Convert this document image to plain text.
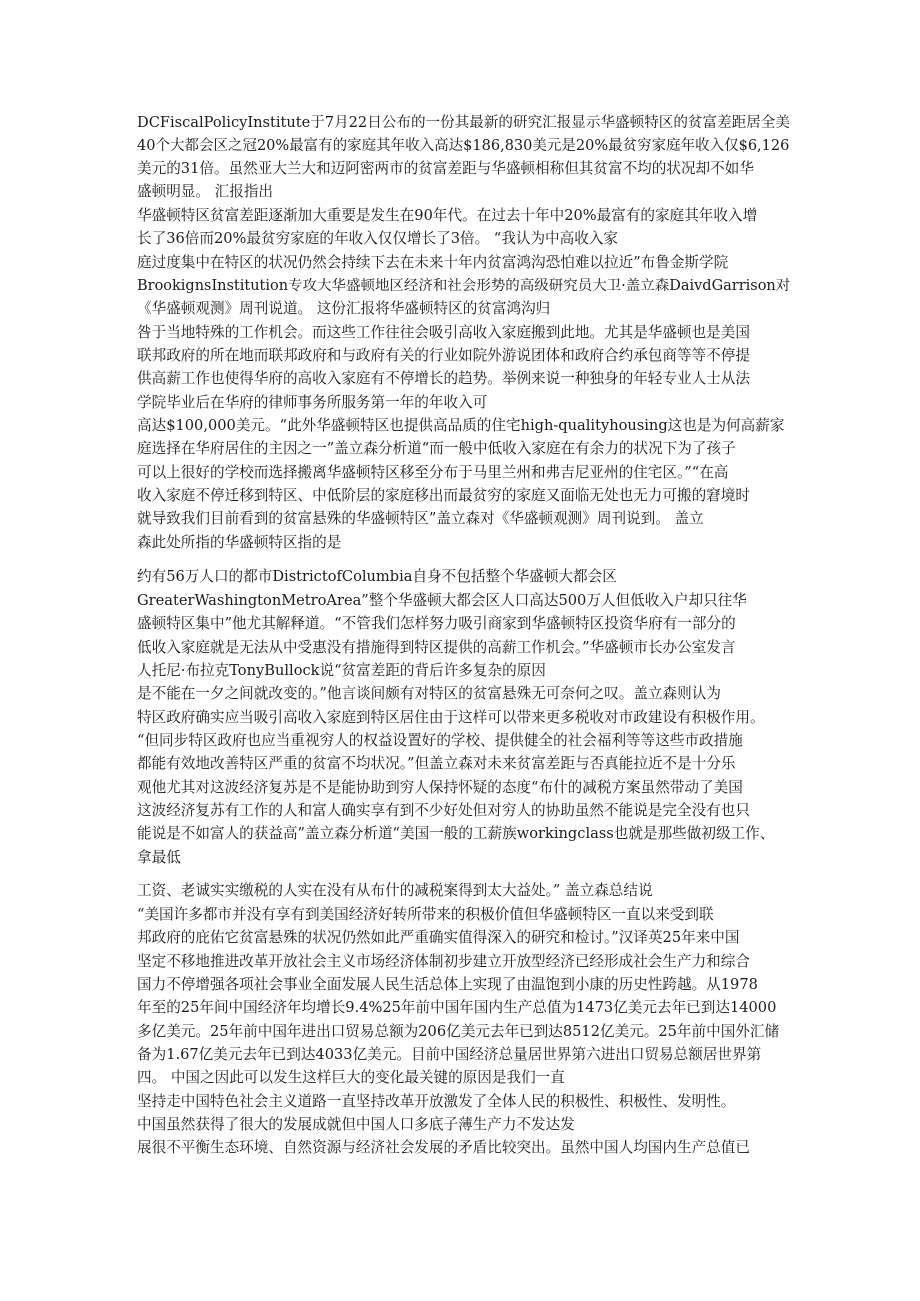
DCFiscalPolicyInstitute于7月22日公布的一份其最新的研究汇报显示华盛顿特区的贫富差距居全美
40个大都会区之冠20%最富有的家庭其年收入高达$186,830美元是20%最贫穷家庭年收入仅$6,126
美元的31倍。虽然亚大兰大和迈阿密两市的贫富差距与华盛顿相称但其贫富不均的状况却不如华
盛顿明显。 汇报指出
华盛顿特区贫富差距逐渐加大重要是发生在90年代。在过去十年中20%最富有的家庭其年收入增
长了36倍而20%最贫穷家庭的年收入仅仅增长了3倍。 “我认为中高收入家
庭过度集中在特区的状况仍然会持续下去在未来十年内贫富鸿沟恐怕难以拉近”布鲁金斯学院
BrookignsInstitution专攻大华盛顿地区经济和社会形势的高级研究员大卫·盖立森DaivdGarrison对
《华盛顿观测》周刊说道。 这份汇报将华盛顿特区的贫富鸿沟归
咎于当地特殊的工作机会。而这些工作往往会吸引高收入家庭搬到此地。尤其是华盛顿也是美国
联邦政府的所在地而联邦政府和与政府有关的行业如院外游说团体和政府合约承包商等等不停提
供高薪工作也使得华府的高收入家庭有不停增长的趋势。举例来说一种独身的年轻专业人士从法
学院毕业后在华府的律师事务所服务第一年的年收入可
高达$100,000美元。“此外华盛顿特区也提供高品质的住宅high-qualityhousing这也是为何高薪家
庭选择在华府居住的主因之一”盖立森分析道“而一般中低收入家庭在有余力的状况下为了孩子
可以上很好的学校而选择搬离华盛顿特区移至分布于马里兰州和弗吉尼亚州的住宅区。”“在高
收入家庭不停迁移到特区、中低阶层的家庭移出而最贫穷的家庭又面临无处也无力可搬的窘境时
就导致我们目前看到的贫富悬殊的华盛顿特区”盖立森对《华盛顿观测》周刊说到。 盖立
森此处所指的华盛顿特区指的是
约有56万人口的都市DistrictofColumbia自身不包括整个华盛顿大都会区
GreaterWashingtonMetroArea”整个华盛顿大都会区人口高达500万人但低收入户却只往华
盛顿特区集中”他尤其解释道。“不管我们怎样努力吸引商家到华盛顿特区投资华府有一部分的
低收入家庭就是无法从中受惠没有措施得到特区提供的高薪工作机会。”华盛顿市长办公室发言
人托尼·布拉克TonyBullock说“贫富差距的背后许多复杂的原因
是不能在一夕之间就改变的。”他言谈间颇有对特区的贫富悬殊无可奈何之叹。盖立森则认为
特区政府确实应当吸引高收入家庭到特区居住由于这样可以带来更多税收对市政建设有积极作用。
“但同步特区政府也应当重视穷人的权益设置好的学校、提供健全的社会福利等等这些市政措施
都能有效地改善特区严重的贫富不均状况。”但盖立森对未来贫富差距与否真能拉近不是十分乐
观他尤其对这波经济复苏是不是能协助到穷人保持怀疑的态度“布什的减税方案虽然带动了美国
这波经济复苏有工作的人和富人确实享有到不少好处但对穷人的协助虽然不能说是完全没有也只
能说是不如富人的获益高”盖立森分析道“美国一般的工薪族workingclass也就是那些做初级工作、
拿最低
工资、老诚实实缴税的人实在没有从布什的减税案得到太大益处。” 盖立森总结说
“美国许多都市并没有享有到美国经济好转所带来的积极价值但华盛顿特区一直以来受到联
邦政府的庇佑它贫富悬殊的状况仍然如此严重确实值得深入的研究和检讨。”汉译英25年来中国
坚定不移地推进改革开放社会主义市场经济体制初步建立开放型经济已经形成社会生产力和综合
国力不停增强各项社会事业全面发展人民生活总体上实现了由温饱到小康的历史性跨越。从1978
年至的25年间中国经济年均增长9.4%25年前中国年国内生产总值为1473亿美元去年已到达14000
多亿美元。25年前中国年进出口贸易总额为206亿美元去年已到达8512亿美元。25年前中国外汇储
备为1.67亿美元去年已到达4033亿美元。目前中国经济总量居世界第六进出口贸易总额居世界第
四。 中国之因此可以发生这样巨大的变化最关键的原因是我们一直
坚持走中国特色社会主义道路一直坚持改革开放激发了全体人民的积极性、积极性、发明性。
中国虽然获得了很大的发展成就但中国人口多底子薄生产力不发达发
展很不平衡生态环境、自然资源与经济社会发展的矛盾比较突出。虽然中国人均国内生产总值已
